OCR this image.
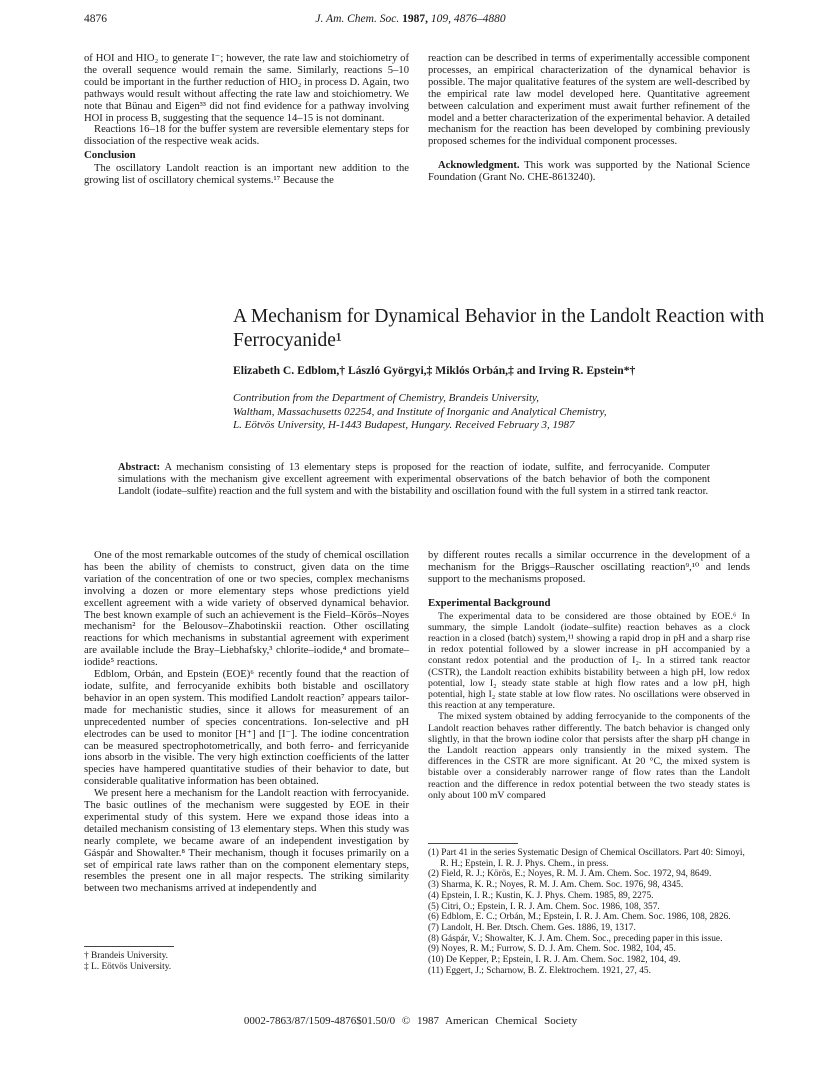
4876	J. Am. Chem. Soc. 1987, 109, 4876–4880

of HOI and HIO₂ to generate I⁻; however, the rate law and stoichiometry of the overall sequence would remain the same. Similarly, reactions 5–10 could be important in the further reduction of HIO₂ in process D. Again, two pathways would result without affecting the rate law and stoichiometry. We note that Bünau and Eigen³³ did not find evidence for a pathway involving HOI in process B, suggesting that the sequence 14–15 is not dominant.

Reactions 16–18 for the buffer system are reversible elementary steps for dissociation of the respective weak acids.

Conclusion

The oscillatory Landolt reaction is an important new addition to the growing list of oscillatory chemical systems.¹⁷ Because the

reaction can be described in terms of experimentally accessible component processes, an empirical characterization of the dynamical behavior is possible. The major qualitative features of the system are well-described by the empirical rate law model developed here. Quantitative agreement between calculation and experiment must await further refinement of the model and a better characterization of the experimental behavior. A detailed mechanism for the reaction has been developed by combining previously proposed schemes for the individual component processes.

Acknowledgment. This work was supported by the National Science Foundation (Grant No. CHE-8613240).

A Mechanism for Dynamical Behavior in the Landolt Reaction with Ferrocyanide¹
Elizabeth C. Edblom,† László Györgyi,‡ Miklós Orbán,‡ and Irving R. Epstein*†
Contribution from the Department of Chemistry, Brandeis University,
Waltham, Massachusetts 02254, and Institute of Inorganic and Analytical Chemistry,
L. Eötvös University, H-1443 Budapest, Hungary. Received February 3, 1987
Abstract: A mechanism consisting of 13 elementary steps is proposed for the reaction of iodate, sulfite, and ferrocyanide. Computer simulations with the mechanism give excellent agreement with experimental observations of the batch behavior of both the component Landolt (iodate–sulfite) reaction and the full system and with the bistability and oscillation found with the full system in a stirred tank reactor.

One of the most remarkable outcomes of the study of chemical oscillation has been the ability of chemists to construct, given data on the time variation of the concentration of one or two species, complex mechanisms involving a dozen or more elementary steps whose predictions yield excellent agreement with a wide variety of observed dynamical behavior. The best known example of such an achievement is the Field–Körös–Noyes mechanism² for the Belousov–Zhabotinskii reaction. Other oscillating reactions for which mechanisms in substantial agreement with experiment are available include the Bray–Liebhafsky,³ chlorite–iodide,⁴ and bromate–iodide⁵ reactions.

Edblom, Orbán, and Epstein (EOE)⁶ recently found that the reaction of iodate, sulfite, and ferrocyanide exhibits both bistable and oscillatory behavior in an open system. This modified Landolt reaction⁷ appears tailor-made for mechanistic studies, since it allows for measurement of an unprecedented number of species concentrations. Ion-selective and pH electrodes can be used to monitor [H⁺] and [I⁻]. The iodine concentration can be measured spectrophotometrically, and both ferro- and ferricyanide ions absorb in the visible. The very high extinction coefficients of the latter species have hampered quantitative studies of their behavior to date, but considerable qualitative information has been obtained.

We present here a mechanism for the Landolt reaction with ferrocyanide. The basic outlines of the mechanism were suggested by EOE in their experimental study of this system. Here we expand those ideas into a detailed mechanism consisting of 13 elementary steps. When this study was nearly complete, we became aware of an independent investigation by Gáspár and Showalter.⁸ Their mechanism, though it focuses primarily on a set of empirical rate laws rather than on the component elementary steps, resembles the present one in all major respects. The striking similarity between two mechanisms arrived at independently and

by different routes recalls a similar occurrence in the development of a mechanism for the Briggs–Rauscher oscillating reaction⁹,¹⁰ and lends support to the mechanisms proposed.

Experimental Background

The experimental data to be considered are those obtained by EOE.⁶ In summary, the simple Landolt (iodate–sulfite) reaction behaves as a clock reaction in a closed (batch) system,¹¹ showing a rapid drop in pH and a sharp rise in redox potential followed by a slower increase in pH accompanied by a constant redox potential and the production of I₂. In a stirred tank reactor (CSTR), the Landolt reaction exhibits bistability between a high pH, low redox potential, low I₂ steady state stable at high flow rates and a low pH, high potential, high I₂ state stable at low flow rates. No oscillations were observed in this reaction at any temperature.

The mixed system obtained by adding ferrocyanide to the components of the Landolt reaction behaves rather differently. The batch behavior is changed only slightly, in that the brown iodine color that persists after the sharp pH change in the Landolt reaction appears only transiently in the mixed system. The differences in the CSTR are more significant. At 20 °C, the mixed system is bistable over a considerably narrower range of flow rates than the Landolt reaction and the difference in redox potential between the two steady states is only about 100 mV compared

(1) Part 41 in the series Systematic Design of Chemical Oscillators. Part 40: Simoyi, R. H.; Epstein, I. R. J. Phys. Chem., in press.
(2) Field, R. J.; Körös, E.; Noyes, R. M. J. Am. Chem. Soc. 1972, 94, 8649.
(3) Sharma, K. R.; Noyes, R. M. J. Am. Chem. Soc. 1976, 98, 4345.
(4) Epstein, I. R.; Kustin, K. J. Phys. Chem. 1985, 89, 2275.
(5) Citri, O.; Epstein, I. R. J. Am. Chem. Soc. 1986, 108, 357.
(6) Edblom, E. C.; Orbán, M.; Epstein, I. R. J. Am. Chem. Soc. 1986, 108, 2826.
(7) Landolt, H. Ber. Dtsch. Chem. Ges. 1886, 19, 1317.
(8) Gáspár, V.; Showalter, K. J. Am. Chem. Soc., preceding paper in this issue.
(9) Noyes, R. M.; Furrow, S. D. J. Am. Chem. Soc. 1982, 104, 45.
(10) De Kepper, P.; Epstein, I. R. J. Am. Chem. Soc. 1982, 104, 49.
(11) Eggert, J.; Scharnow, B. Z. Elektrochem. 1921, 27, 45.
† Brandeis University.
‡ L. Eötvös University.
0002-7863/87/1509-4876$01.50/0 © 1987 American Chemical Society
